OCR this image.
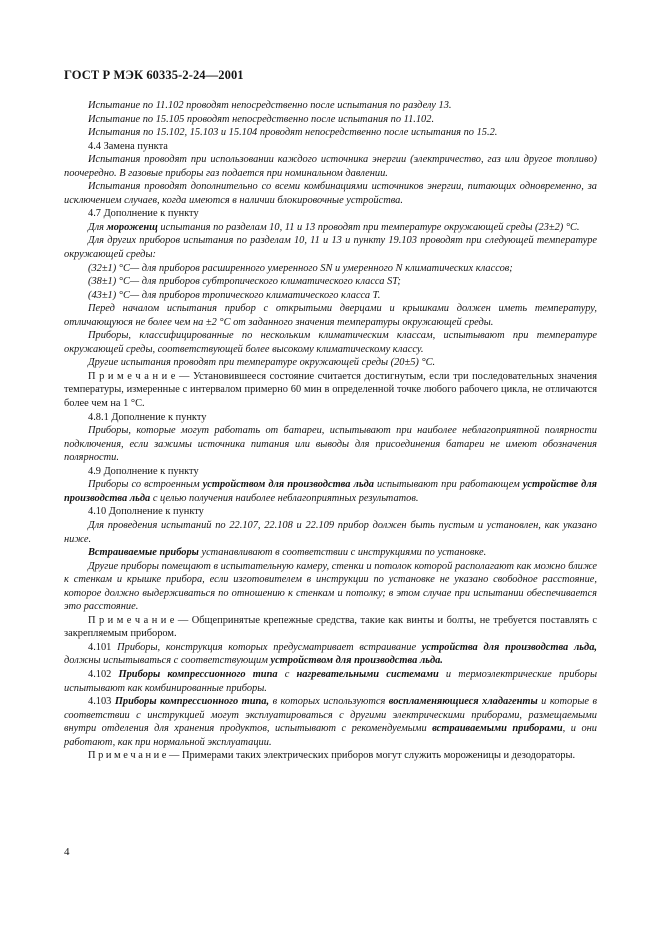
ГОСТ Р МЭК 60335-2-24—2001

Испытание по 11.102 проводят непосредственно после испытания по разделу 13.

Испытание по 15.105 проводят непосредственно после испытания по 11.102.

Испытания по 15.102, 15.103 и 15.104 проводят непосредственно после испытания по 15.2.

4.4 Замена пункта

Испытания проводят при использовании каждого источника энергии (электричество, газ или другое топливо) поочередно. В газовые приборы газ подается при номинальном давлении.

Испытания проводят дополнительно со всеми комбинациями источников энергии, питающих одновременно, за исключением случаев, когда имеются в наличии блокировочные устройства.

4.7 Дополнение к пункту

Для мороженщ испытания по разделам 10, 11 и 13 проводят при температуре окружающей среды (23±2) °С.

Для других приборов испытания по разделам 10, 11 и 13 и пункту 19.103 проводят при следующей температуре окружающей среды:

(32±1) °С— для приборов расширенного умеренного SN и умеренного N климатических классов;

(38±1) °С— для приборов субтропического климатического класса ST;

(43±1) °С— для приборов тропического климатического класса T.

Перед началом испытания прибор с открытыми дверцами и крышками должен иметь температуру, отличающуюся не более чем на ±2 °С от заданного значения температуры окружающей среды.

Приборы, классифицированные по нескольким климатическим классам, испытывают при температуре окружающей среды, соответствующей более высокому климатическому классу.

Другие испытания проводят при температуре окружающей среды (20±5) °С.

П р и м е ч а н и е — Установившееся состояние считается достигнутым, если три последовательных значения температуры, измеренные с интервалом примерно 60 мин в определенной точке любого рабочего цикла, не отличаются более чем на 1 °С.

4.8.1 Дополнение к пункту

Приборы, которые могут работать от батареи, испытывают при наиболее неблагоприятной полярности подключения, если зажимы источника питания или выводы для присоединения батареи не имеют обозначения полярности.

4.9 Дополнение к пункту

Приборы со встроенным устройством для производства льда испытывают при работающем устройстве для производства льда с целью получения наиболее неблагоприятных результатов.

4.10 Дополнение к пункту

Для проведения испытаний по 22.107, 22.108 и 22.109 прибор должен быть пустым и установлен, как указано ниже.

Встраиваемые приборы устанавливают в соответствии с инструкциями по установке.

Другие приборы помещают в испытательную камеру, стенки и потолок которой располагают как можно ближе к стенкам и крышке прибора, если изготовителем в инструкции по установке не указано свободное расстояние, которое должно выдерживаться по отношению к стенкам и потолку; в этом случае при испытании обеспечивается это расстояние.

П р и м е ч а н и е — Общепринятые крепежные средства, такие как винты и болты, не требуется поставлять с закрепляемым прибором.

4.101 Приборы, конструкция которых предусматривает встраивание устройства для производства льда, должны испытываться с соответствующим устройством для производства льда.

4.102 Приборы компрессионного типа с нагревательными системами и термоэлектрические приборы испытывают как комбинированные приборы.

4.103 Приборы компрессионного типа, в которых используются воспламеняющиеся хладагенты и которые в соответствии с инструкцией могут эксплуатироваться с другими электрическими приборами, размещаемыми внутри отделения для хранения продуктов, испытывают с рекомендуемыми встраиваемыми приборами, и они работают, как при нормальной эксплуатации.

П р и м е ч а н и е — Примерами таких электрических приборов могут служить мороженицы и дезодораторы.

4
